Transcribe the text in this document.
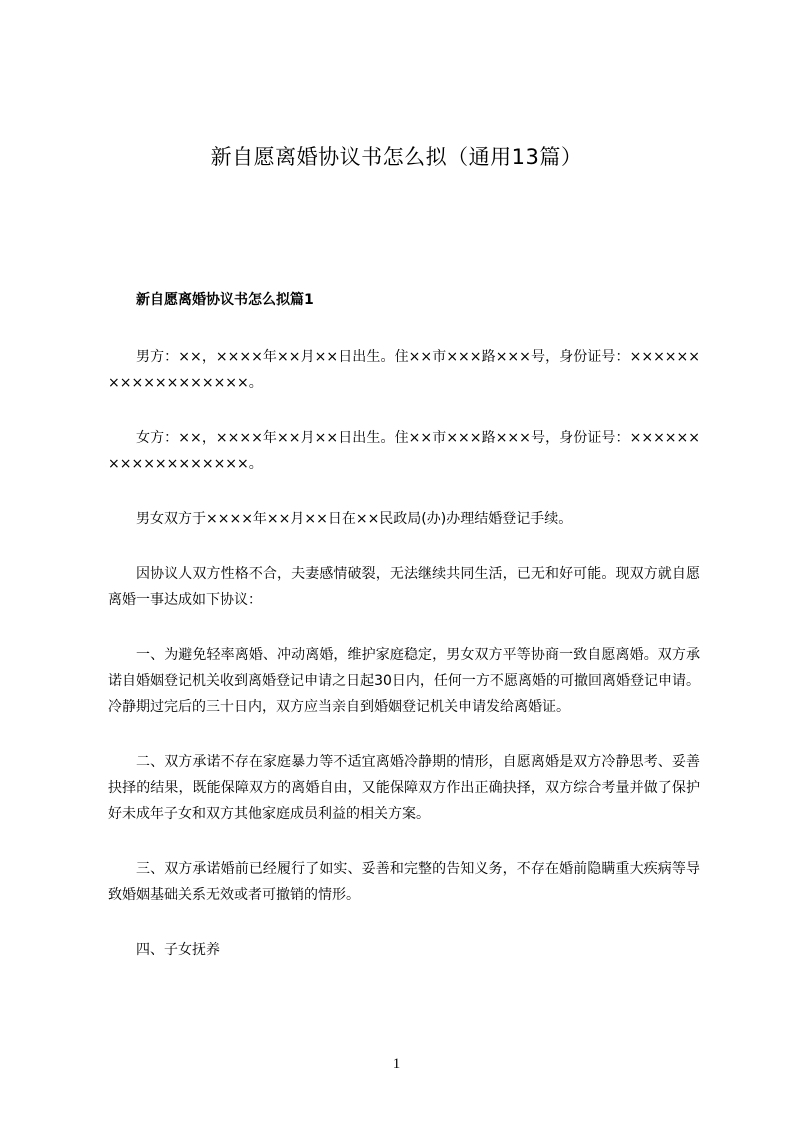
新自愿离婚协议书怎么拟（通用13篇）
新自愿离婚协议书怎么拟篇1

男方：××，××××年××月××日出生。住××市×××路×××号，身份证号：××××××××××××××××××。

女方：××，××××年××月××日出生。住××市×××路×××号，身份证号：××××××××××××××××××。

男女双方于××××年××月××日在××民政局(办)办理结婚登记手续。

因协议人双方性格不合，夫妻感情破裂，无法继续共同生活，已无和好可能。现双方就自愿离婚一事达成如下协议：

一、为避免轻率离婚、冲动离婚，维护家庭稳定，男女双方平等协商一致自愿离婚。双方承诺自婚姻登记机关收到离婚登记申请之日起30日内，任何一方不愿离婚的可撤回离婚登记申请。冷静期过完后的三十日内，双方应当亲自到婚姻登记机关申请发给离婚证。

二、双方承诺不存在家庭暴力等不适宜离婚冷静期的情形，自愿离婚是双方冷静思考、妥善抉择的结果，既能保障双方的离婚自由，又能保障双方作出正确抉择，双方综合考量并做了保护好未成年子女和双方其他家庭成员利益的相关方案。

三、双方承诺婚前已经履行了如实、妥善和完整的告知义务，不存在婚前隐瞒重大疾病等导致婚姻基础关系无效或者可撤销的情形。

四、子女抚养

1
